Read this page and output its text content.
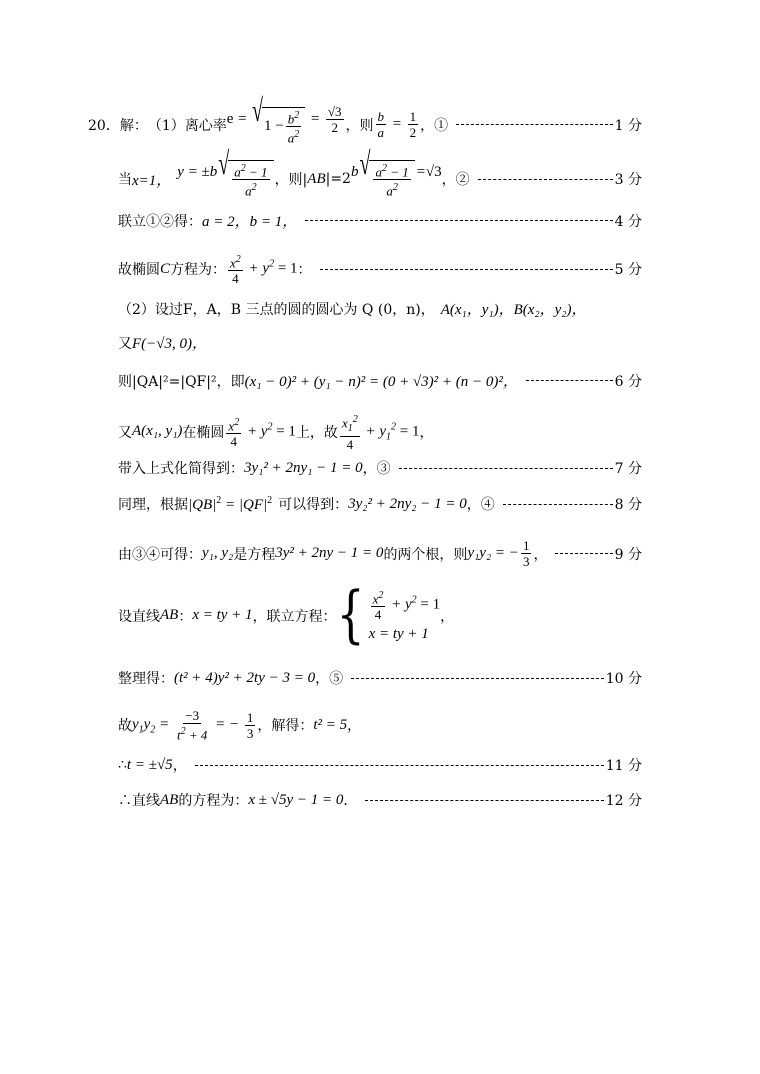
20． 解： （1）离心率 e = √ $1 - \frac{b^2}{a^2} = \frac{√3}{2}$ ，则 $\frac{b}{a} = \frac{1}{2}$ ，①	1 分
当 x=1，
y = ±b √ $\frac{a^2 - 1}{a^2}$ ，则| AB |=2 b √ $\frac{a^2 - 1}{a^2} =√3$
，②	3 分
联立①②得： a = 2，b = 1，	4 分
故椭圆 C 方程为： $\frac{x^2}{4} + y^2 = 1$ ：	5 分
（2）设过 F，A，B 三点的圆的圆心为 Q (0，n)， A(x₁，y₁)，B(x₂，y₂)，
又 F(−√3, 0)，
则|QA|²=|QF|²，即 (x₁ − 0)² + (y₁ − n)² = (0 + √3)² + (n − 0)²，	6 分
又 A(x₁, y₁) 在椭圆 $\frac{x^2}{4} + y^2 = 1$ 上，故 $\frac{x_1^2}{4} + y_1^2 = 1$ ，
带入上式化简得到： 3y₁² + 2ny₁ − 1 = 0 ，③	7 分
同理，根据 $|QB|^2 = |QF|^2$ 可以得到： 3y₂² + 2ny₂ − 1 = 0 ，④	8 分
由③④可得： y₁, y₂ 是方程 3y² + 2ny − 1 = 0 的两个根，则 y₁y₂ = − $\frac{1}{3}$ ，	9 分
设直线 AB ： x = ty + 1 ，联立方程： { $\frac{x^2}{4} + y^2 = 1$
x = ty + 1
，
整理得： (t² + 4)y² + 2ty − 3 = 0 ，⑤	10 分
故 $y_1y_2 = \frac{-3}{t^2 + 4}$ = − $\frac{1}{3}$ ，解得： t² = 5 ，
∴ t = ±√5 ，	11 分
∴直线 AB 的方程为： x ± √5y − 1 = 0 ．	12 分
